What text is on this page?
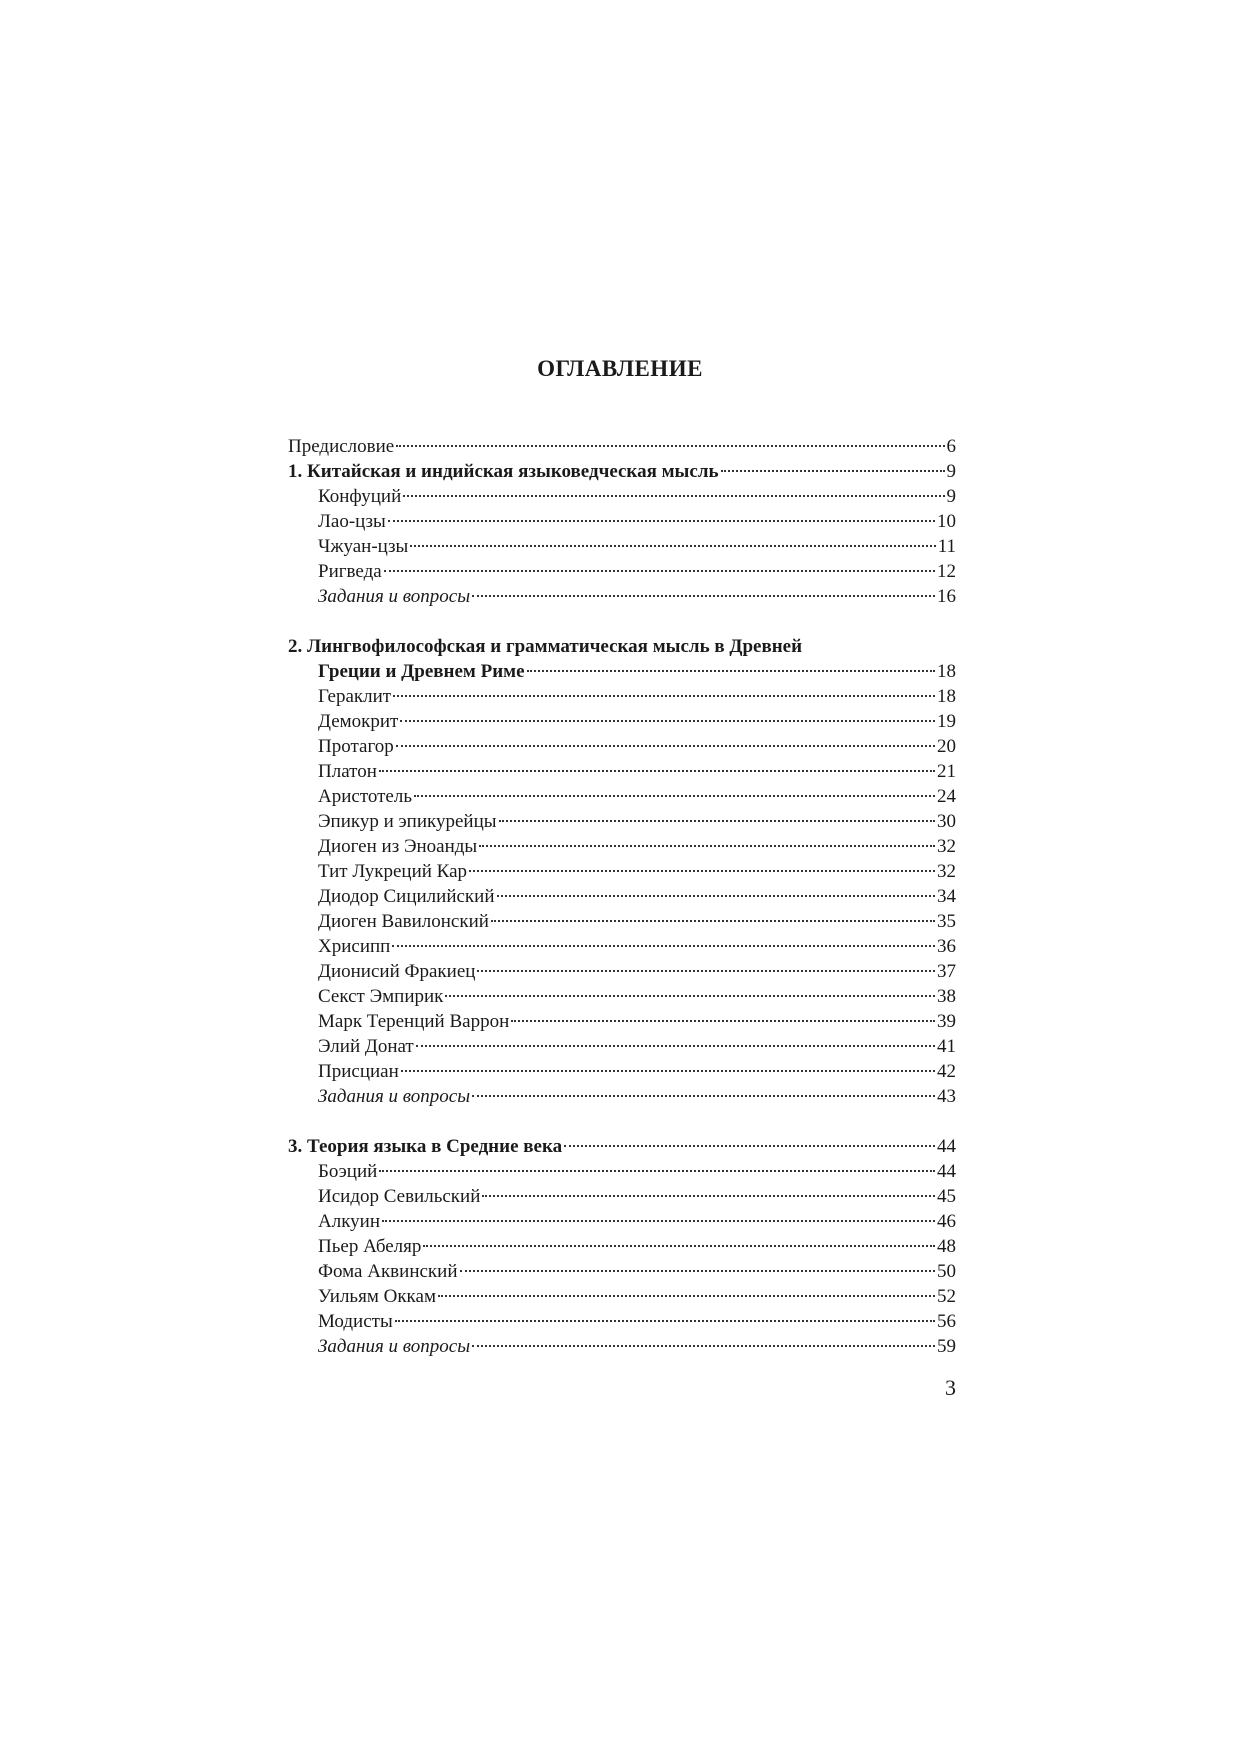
ОГЛАВЛЕНИЕ
Предисловие	6
1. Китайская и индийская языковедческая мысль	9
Конфуций	9
Лао-цзы	10
Чжуан-цзы	11
Ригведа	12
Задания и вопросы	16
2. Лингвофилософская и грамматическая мысль в Древней
Греции и Древнем Риме	18
Гераклит	18
Демокрит	19
Протагор	20
Платон	21
Аристотель	24
Эпикур и эпикурейцы	30
Диоген из Эноанды	32
Тит Лукреций Кар	32
Диодор Сицилийский	34
Диоген Вавилонский	35
Хрисипп	36
Дионисий Фракиец	37
Секст Эмпирик	38
Марк Теренций Варрон	39
Элий Донат	41
Присциан	42
Задания и вопросы	43
3. Теория языка в Средние века	44
Боэций	44
Исидор Севильский	45
Алкуин	46
Пьер Абеляр	48
Фома Аквинский	50
Уильям Оккам	52
Модисты	56
Задания и вопросы	59
3
